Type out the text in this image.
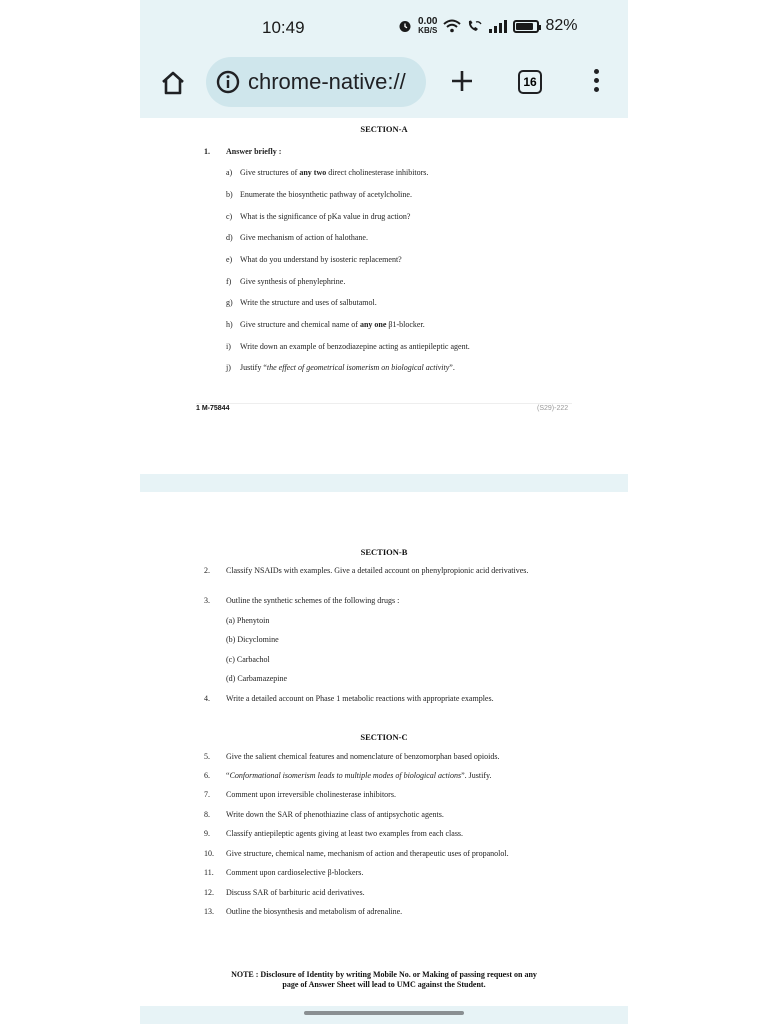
10:49	0.00
KB/S	82%
chrome-native://	16
SECTION-A
1. Answer briefly :
a) Give structures of any two direct cholinesterase inhibitors.
b) Enumerate the biosynthetic pathway of acetylcholine.
c) What is the significance of pKa value in drug action?
d) Give mechanism of action of halothane.
e) What do you understand by isosteric replacement?
f) Give synthesis of phenylephrine.
g) Write the structure and uses of salbutamol.
h) Give structure and chemical name of any one β1-blocker.
i) Write down an example of benzodiazepine acting as antiepileptic agent.
j) Justify “the effect of geometrical isomerism on biological activity”.
1 M-75844	(S29)-222
SECTION-B
2. Classify NSAIDs with examples. Give a detailed account on phenylpropionic acid derivatives.
3. Outline the synthetic schemes of the following drugs :
(a) Phenytoin
(b) Dicyclomine
(c) Carbachol
(d) Carbamazepine
4. Write a detailed account on Phase 1 metabolic reactions with appropriate examples.
SECTION-C
5. Give the salient chemical features and nomenclature of benzomorphan based opioids.
6. “Conformational isomerism leads to multiple modes of biological actions”. Justify.
7. Comment upon irreversible cholinesterase inhibitors.
8. Write down the SAR of phenothiazine class of antipsychotic agents.
9. Classify antiepileptic agents giving at least two examples from each class.
10. Give structure, chemical name, mechanism of action and therapeutic uses of propanolol.
11. Comment upon cardioselective β-blockers.
12. Discuss SAR of barbituric acid derivatives.
13. Outline the biosynthesis and metabolism of adrenaline.
NOTE : Disclosure of Identity by writing Mobile No. or Making of passing request on any
page of Answer Sheet will lead to UMC against the Student.
